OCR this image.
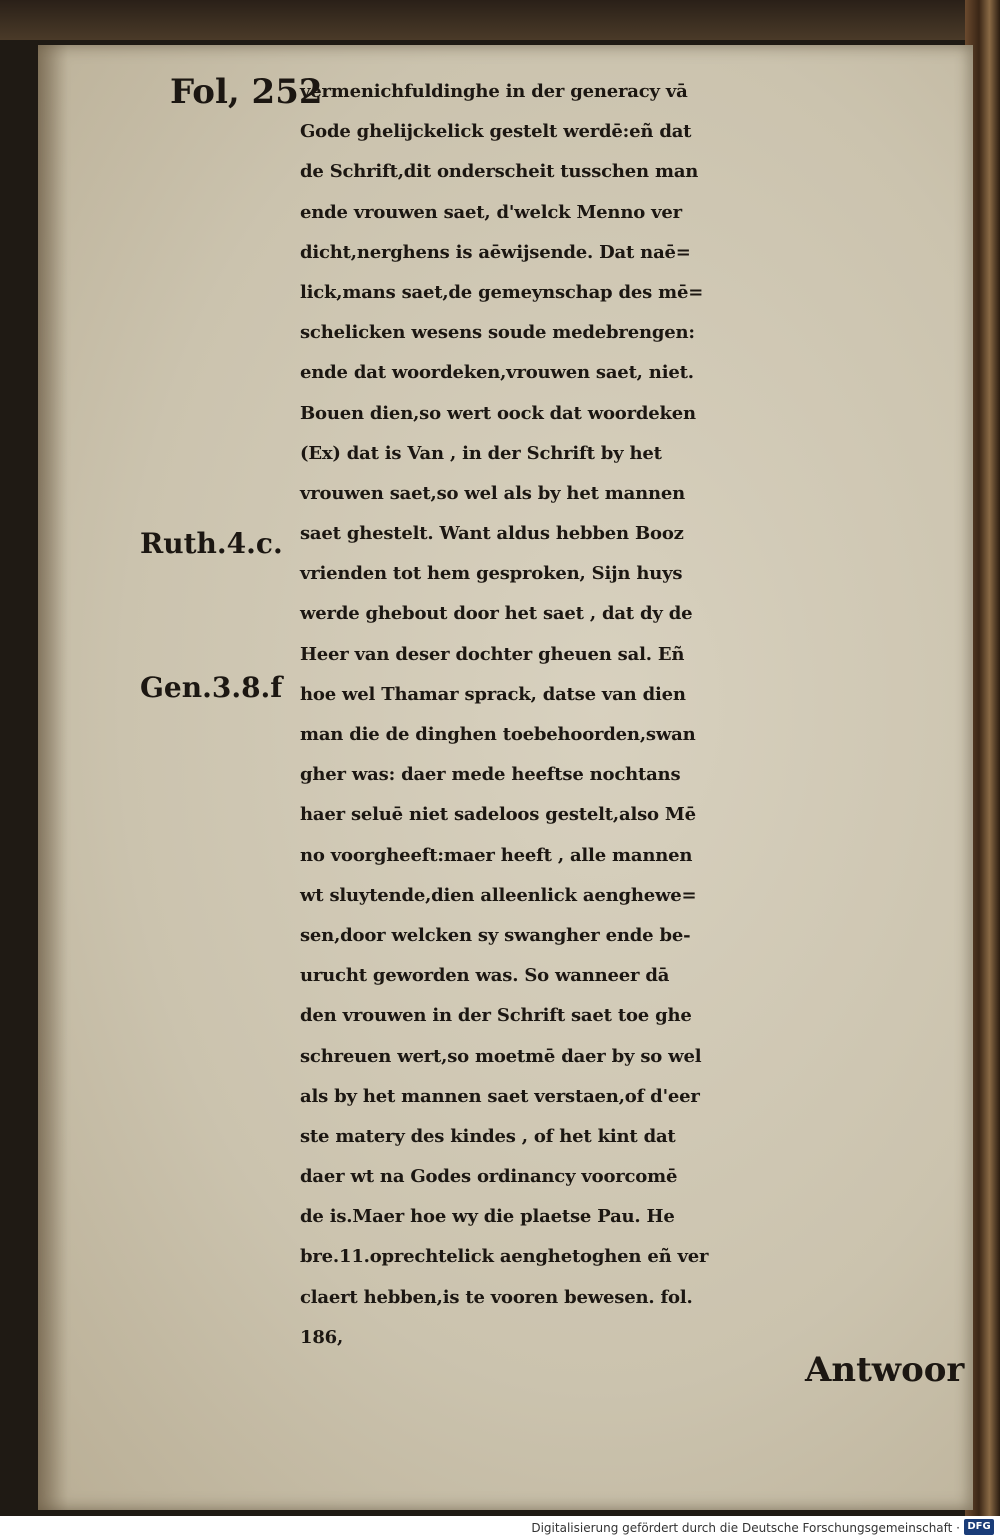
Fol, 252
Ruth.4.c.
Gen.3.8.f
vermenichfuldinghe in der generacy vā
Gode ghelijckelick gestelt werdē:eñ dat
de Schrift,dit onderscheit tusschen man
ende vrouwen saet, d'welck Menno ver
dicht,nerghens is aēwijsende. Dat naē=
lick,mans saet,de gemeynschap des mē=
schelicken wesens soude medebrengen:
ende dat woordeken,vrouwen saet, niet.
Bouen dien,so wert oock dat woordeken
(Ex) dat is Van , in der Schrift by het
vrouwen saet,so wel als by het mannen
saet ghestelt. Want aldus hebben Booz
vrienden tot hem gesproken, Sijn huys
werde ghebout door het saet , dat dy de
Heer van deser dochter gheuen sal. Eñ
hoe wel Thamar sprack, datse van dien
man die de dinghen toebehoorden,swan
gher was: daer mede heeftse nochtans
haer seluē niet sadeloos gestelt,also Mē
no voorgheeft:maer heeft , alle mannen
wt sluytende,dien alleenlick aenghewe=
sen,door welcken sy swangher ende be-
urucht geworden was. So wanneer dā
den vrouwen in der Schrift saet toe ghe
schreuen wert,so moetmē daer by so wel
als by het mannen saet verstaen,of d'eer
ste matery des kindes , of het kint dat
daer wt na Godes ordinancy voorcomē
de is.Maer hoe wy die plaetse Pau. He
bre.11.oprechtelick aenghetoghen eñ ver
claert hebben,is te vooren bewesen. fol.
186,
Antwoor
Digitalisierung gefördert durch die Deutsche Forschungsgemeinschaft · DFG
